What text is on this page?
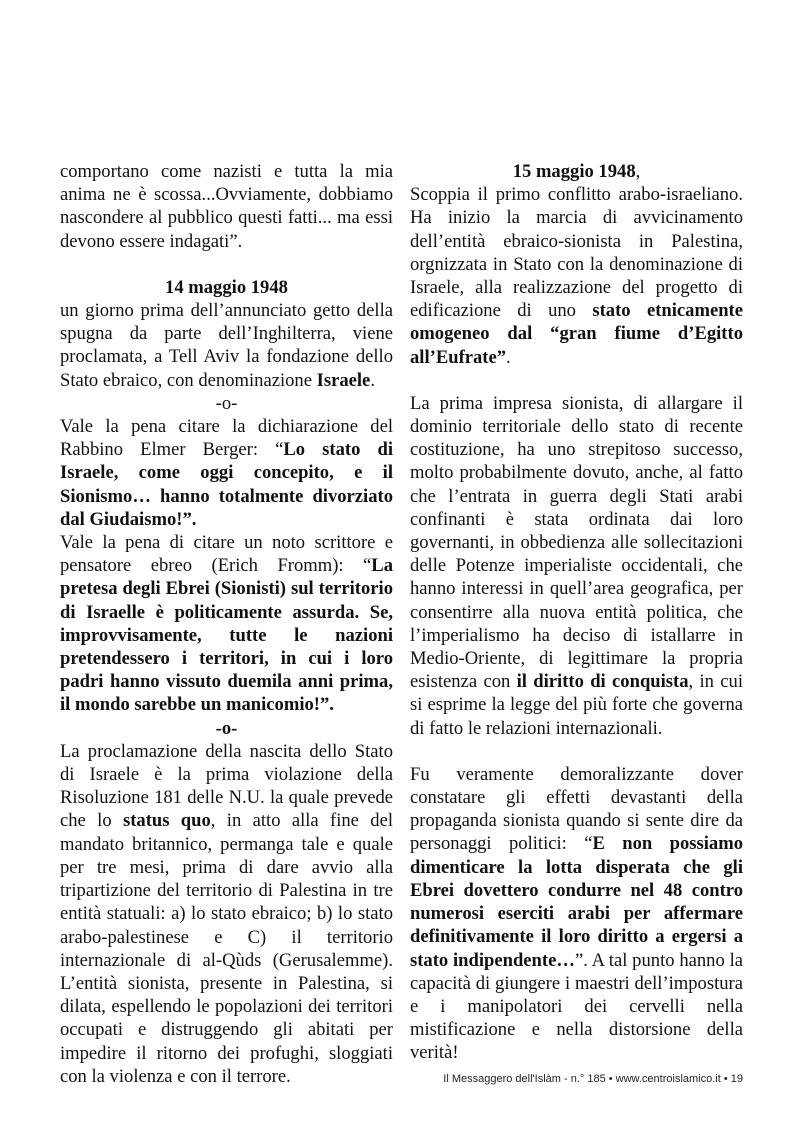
comportano come nazisti e tutta la mia anima ne è scossa...Ovviamente, dobbiamo nascondere al pubblico questi fatti... ma essi devono essere indagati”.

14 maggio 1948

un giorno prima dell’annunciato getto della spugna da parte dell’Inghilterra, viene proclamata, a Tell Aviv la fondazione dello Stato ebraico, con denominazione Israele.

-o-

Vale la pena citare la dichiarazione del Rabbino Elmer Berger: “Lo stato di Israele, come oggi concepito, e il Sionismo… hanno totalmente divorziato dal Giudaismo!”.

Vale la pena di citare un noto scrittore e pensatore ebreo (Erich Fromm): “La pretesa degli Ebrei (Sionisti) sul territorio di Israelle è politicamente assurda. Se, improvvisamente, tutte le nazioni pretendessero i territori, in cui i loro padri hanno vissuto duemila anni prima, il mondo sarebbe un manicomio!”.

-o-

La proclamazione della nascita dello Stato di Israele è la prima violazione della Risoluzione 181 delle N.U. la quale prevede che lo status quo, in atto alla fine del mandato britannico, permanga tale e quale per tre mesi, prima di dare avvio alla tripartizione del territorio di Palestina in tre entità statuali: a) lo stato ebraico; b) lo stato arabo-palestinese e C) il territorio internazionale di al-Qùds (Gerusalemme). L’entità sionista, presente in Palestina, si dilata, espellendo le popolazioni dei territori occupati e distruggendo gli abitati per impedire il ritorno dei profughi, sloggiati con la violenza e con il terrore.

15 maggio 1948,

Scoppia il primo conflitto arabo-israeliano. Ha inizio la marcia di avvicinamento dell’entità ebraico-sionista in Palestina, orgnizzata in Stato con la denominazione di Israele, alla realizzazione del progetto di edificazione di uno stato etnicamente omogeneo dal “gran fiume d’Egitto all’Eufrate”.

La prima impresa sionista, di allargare il dominio territoriale dello stato di recente costituzione, ha uno strepitoso successo, molto probabilmente dovuto, anche, al fatto che l’entrata in guerra degli Stati arabi confinanti è stata ordinata dai loro governanti, in obbedienza alle sollecitazioni delle Potenze imperialiste occidentali, che hanno interessi in quell’area geografica, per consentirre alla nuova entità politica, che l’imperialismo ha deciso di istallarre in Medio-Oriente, di legittimare la propria esistenza con il diritto di conquista, in cui si esprime la legge del più forte che governa di fatto le relazioni internazionali.

Fu veramente demoralizzante dover constatare gli effetti devastanti della propaganda sionista quando si sente dire da personaggi politici: “E non possiamo dimenticare la lotta disperata che gli Ebrei dovettero condurre nel 48 contro numerosi eserciti arabi per affermare definitivamente il loro diritto a ergersi a stato indipendente…”. A tal punto hanno la capacità di giungere i maestri dell’impostura e i manipolatori dei cervelli nella mistificazione e nella distorsione della verità!

Il Messaggero dell'Islàm - n.° 185 • www.centroislamico.it • 19
